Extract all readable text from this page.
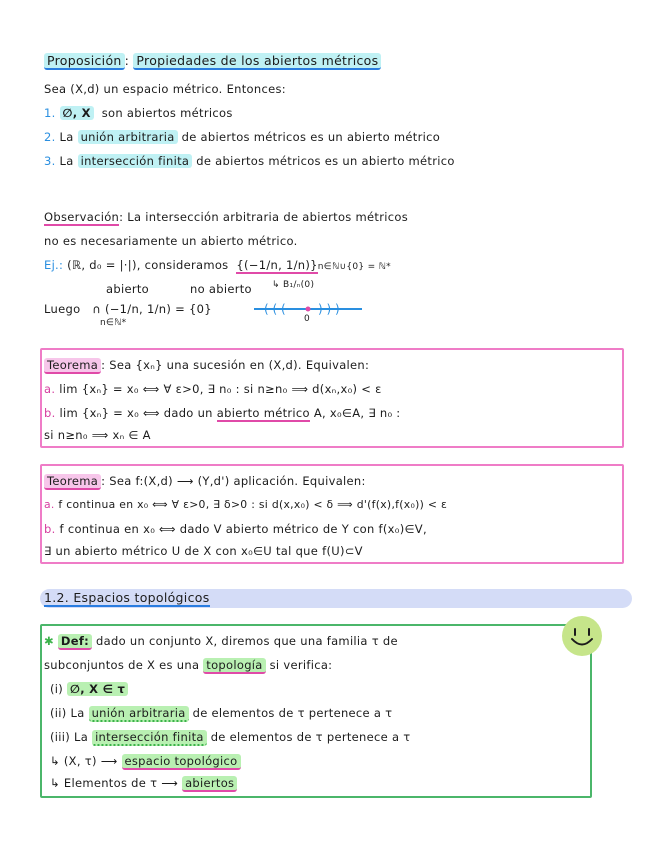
Proposición : Propiedades de los abiertos métricos
Sea (X,d) un espacio métrico. Entonces:
1. ∅, X son abiertos métricos
2. La unión arbitraria de abiertos métricos es un abierto métrico
3. La intersección finita de abiertos métricos es un abierto métrico
Observación: La intersección arbitraria de abiertos métricos
no es necesariamente un abierto métrico.
Ej.: (ℝ, d₀ = |·|), consideramos {(−1/n, 1/n)}n∈ℕ∪{0} = ℕ*
↳ B₁/ₙ(0)
abierto	no abierto
Luego ∩ (−1/n, 1/n) = {0}
n∈ℕ*
( ( (	) ) )
0
Teorema : Sea {xₙ} una sucesión en (X,d). Equivalen:
a. lim {xₙ} = x₀ ⟺ ∀ ε>0, ∃ n₀ : si n≥n₀ ⟹ d(xₙ,x₀) < ε
b. lim {xₙ} = x₀ ⟺ dado un abierto métrico A, x₀∈A, ∃ n₀ :
si n≥n₀ ⟹ xₙ ∈ A
Teorema : Sea f:(X,d) ⟶ (Y,d') aplicación. Equivalen:
a. f continua en x₀ ⟺ ∀ ε>0, ∃ δ>0 : si d(x,x₀) < δ ⟹ d'(f(x),f(x₀)) < ε
b. f continua en x₀ ⟺ dado V abierto métrico de Y con f(x₀)∈V,
∃ un abierto métrico U de X con x₀∈U tal que f(U)⊂V
1.2. Espacios topológicos
✱ Def: dado un conjunto X, diremos que una familia τ de
subconjuntos de X es una topología si verifica:
(i) ∅, X ∈ τ
(ii) La unión arbitraria de elementos de τ pertenece a τ
(iii) La intersección finita de elementos de τ pertenece a τ
↳ (X, τ) ⟶ espacio topológico
↳ Elementos de τ ⟶ abiertos
